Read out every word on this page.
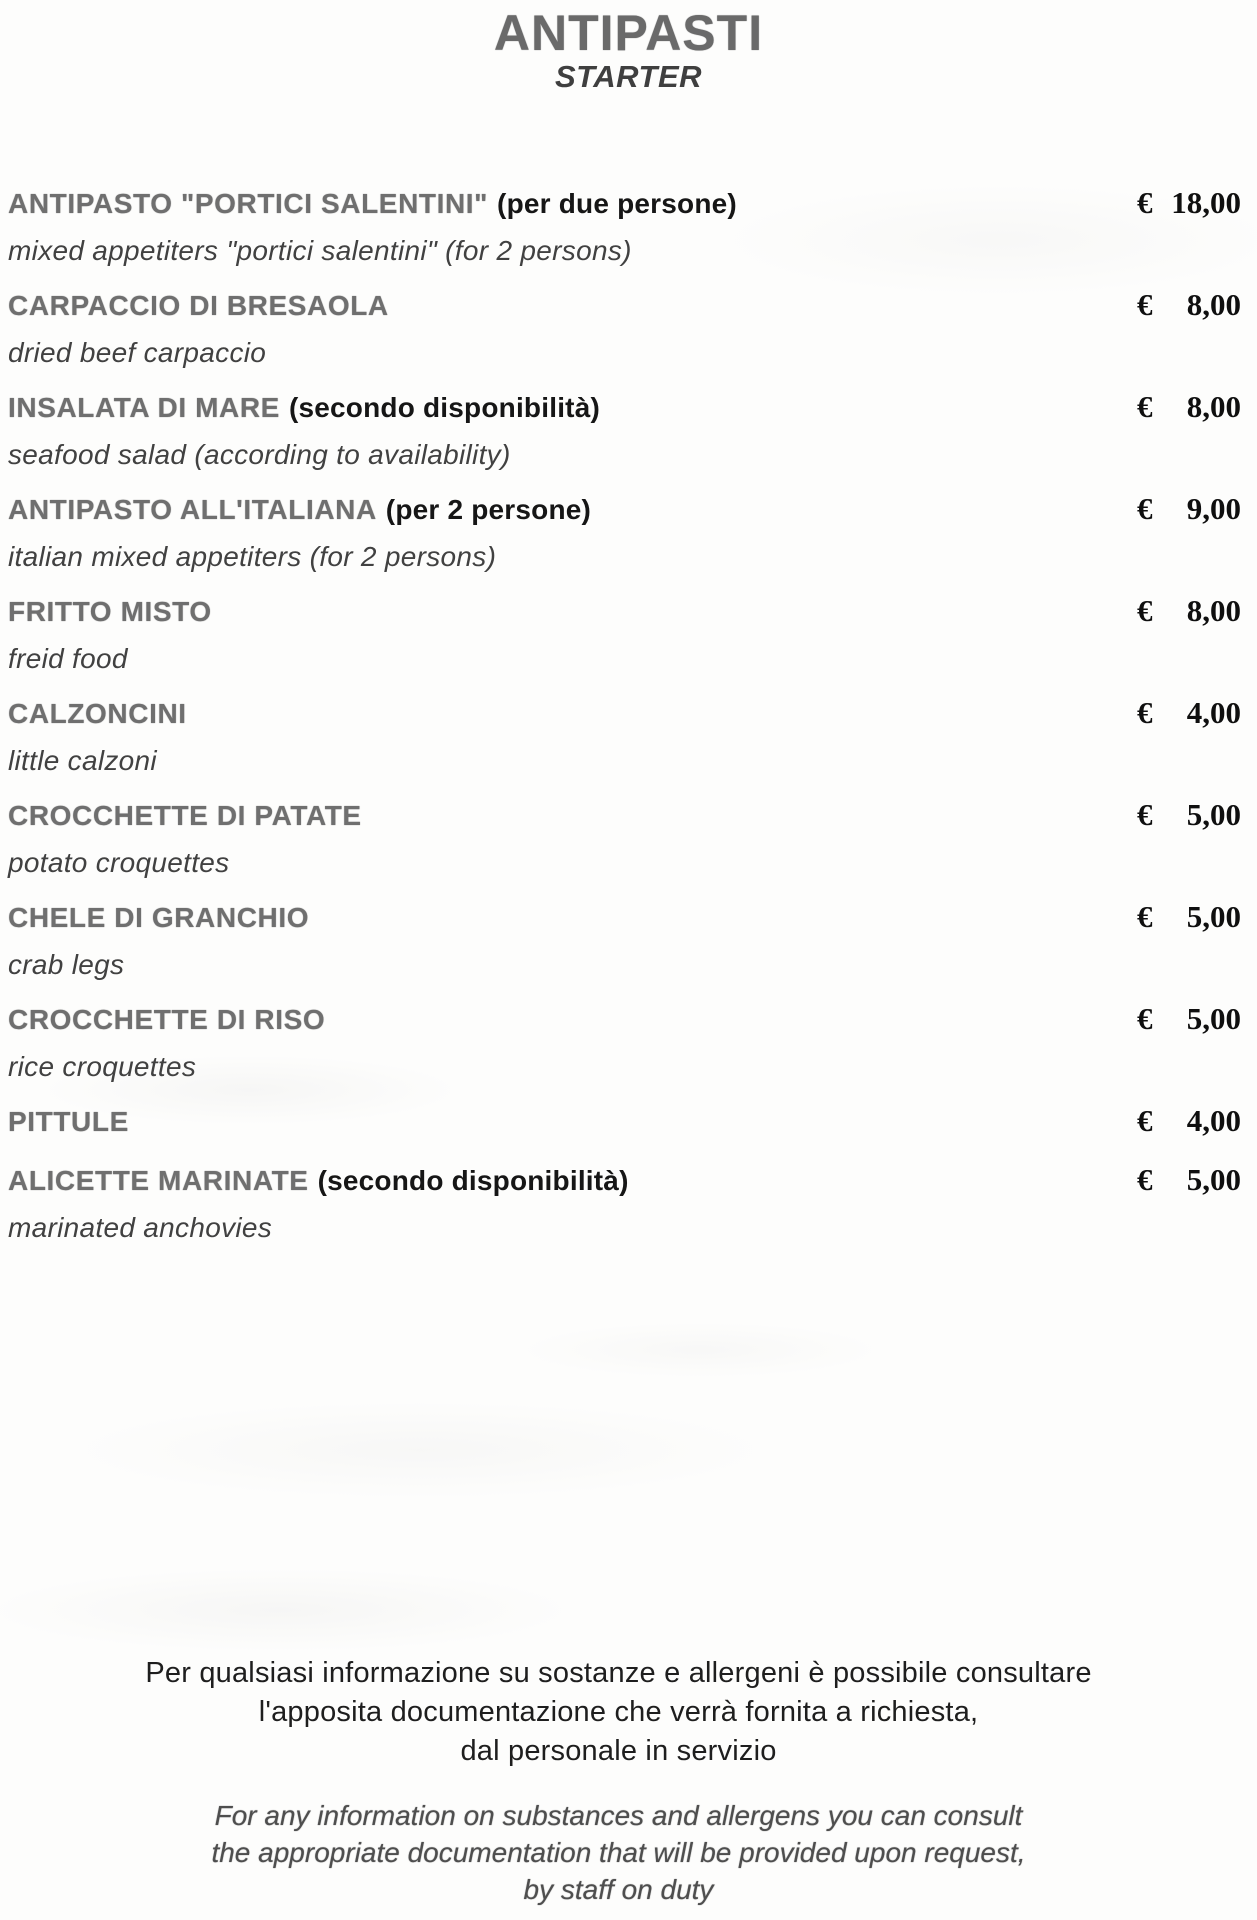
ANTIPASTI
STARTER
ANTIPASTO "PORTICI SALENTINI" (per due persone)	€ 18,00
mixed appetiters "portici salentini" (for 2 persons)
CARPACCIO DI BRESAOLA	€ 8,00
dried beef carpaccio
INSALATA DI MARE (secondo disponibilità)	€ 8,00
seafood salad (according to availability)
ANTIPASTO ALL'ITALIANA (per 2 persone)	€ 9,00
italian mixed appetiters (for 2 persons)
FRITTO MISTO	€ 8,00
freid food
CALZONCINI	€ 4,00
little calzoni
CROCCHETTE DI PATATE	€ 5,00
potato croquettes
CHELE DI GRANCHIO	€ 5,00
crab legs
CROCCHETTE DI RISO	€ 5,00
rice croquettes
PITTULE	€ 4,00
ALICETTE MARINATE (secondo disponibilità)	€ 5,00
marinated anchovies
Per qualsiasi informazione su sostanze e allergeni è possibile consultare
l'apposita documentazione che verrà fornita a richiesta,
dal personale in servizio
For any information on substances and allergens you can consult
the appropriate documentation that will be provided upon request,
by staff on duty
